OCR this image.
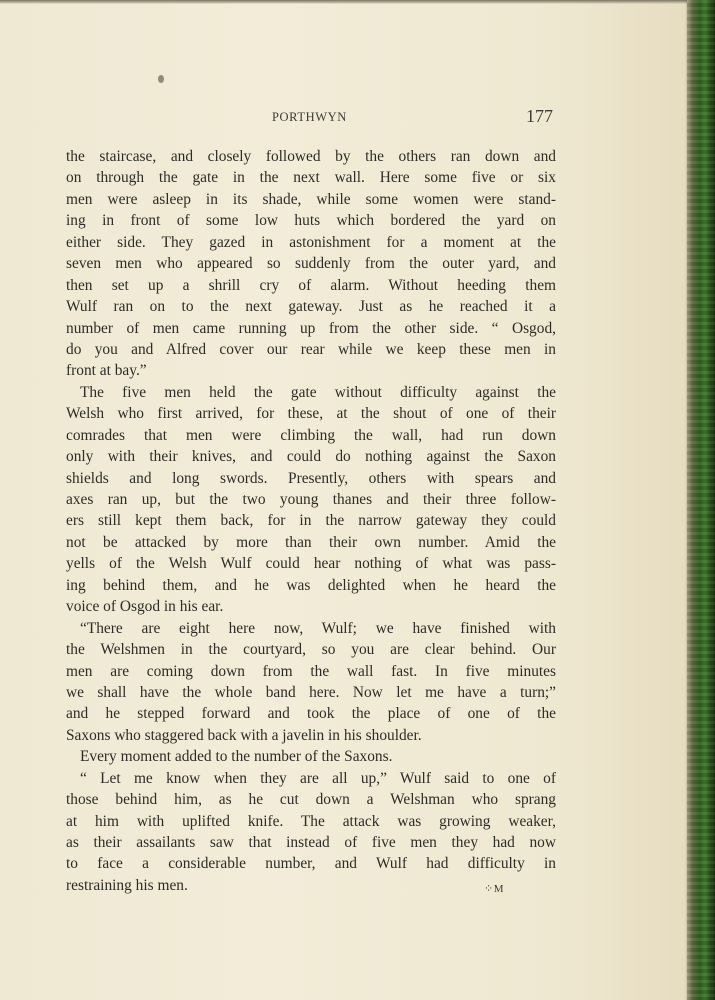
PORTHWYN	177
the staircase, and closely followed by the others ran down and
on through the gate in the next wall. Here some five or six
men were asleep in its shade, while some women were stand-
ing in front of some low huts which bordered the yard on
either side. They gazed in astonishment for a moment at the
seven men who appeared so suddenly from the outer yard, and
then set up a shrill cry of alarm. Without heeding them
Wulf ran on to the next gateway. Just as he reached it a
number of men came running up from the other side. “ Osgod,
do you and Alfred cover our rear while we keep these men in
front at bay.”
The five men held the gate without difficulty against the
Welsh who first arrived, for these, at the shout of one of their
comrades that men were climbing the wall, had run down
only with their knives, and could do nothing against the Saxon
shields and long swords. Presently, others with spears and
axes ran up, but the two young thanes and their three follow-
ers still kept them back, for in the narrow gateway they could
not be attacked by more than their own number. Amid the
yells of the Welsh Wulf could hear nothing of what was pass-
ing behind them, and he was delighted when he heard the
voice of Osgod in his ear.
“There are eight here now, Wulf; we have finished with
the Welshmen in the courtyard, so you are clear behind. Our
men are coming down from the wall fast. In five minutes
we shall have the whole band here. Now let me have a turn;”
and he stepped forward and took the place of one of the
Saxons who staggered back with a javelin in his shoulder.
Every moment added to the number of the Saxons.
“ Let me know when they are all up,” Wulf said to one of
those behind him, as he cut down a Welshman who sprang
at him with uplifted knife. The attack was growing weaker,
as their assailants saw that instead of five men they had now
to face a considerable number, and Wulf had difficulty in
restraining his men.	⁘M
